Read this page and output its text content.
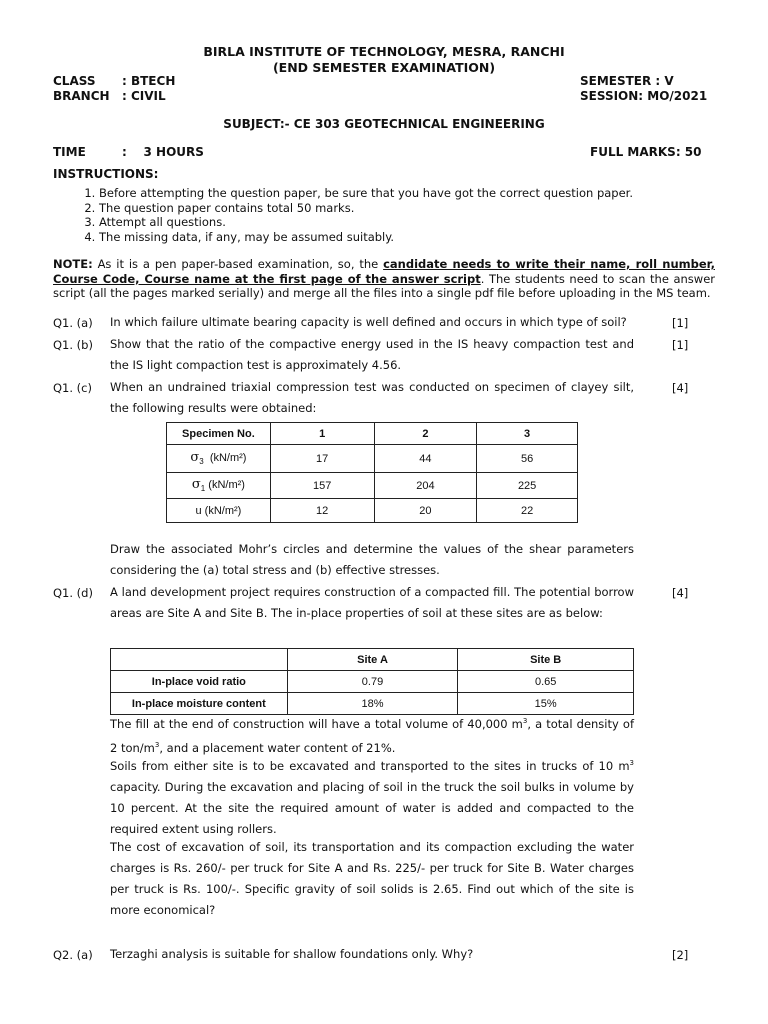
BIRLA INSTITUTE OF TECHNOLOGY, MESRA, RANCHI
(END SEMESTER EXAMINATION)
CLASS : BTECH
BRANCH : CIVIL
SEMESTER : V
SESSION: MO/2021
SUBJECT:- CE 303 GEOTECHNICAL ENGINEERING
TIME	:    3 HOURS	FULL MARKS: 50
INSTRUCTIONS:
1. Before attempting the question paper, be sure that you have got the correct question paper.
2. The question paper contains total 50 marks.
3. Attempt all questions.
4. The missing data, if any, may be assumed suitably.
NOTE: As it is a pen paper-based examination, so, the candidate needs to write their name, roll number, Course Code, Course name at the first page of the answer script. The students need to scan the answer script (all the pages marked serially) and merge all the files into a single pdf file before uploading in the MS team.
Q1. (a) In which failure ultimate bearing capacity is well defined and occurs in which type of soil?	[1]
Q1. (b) Show that the ratio of the compactive energy used in the IS heavy compaction test and the IS light compaction test is approximately 4.56.
[1]
Q1. (c) When an undrained triaxial compression test was conducted on specimen of clayey silt, the following results were obtained:
[4]
Specimen No.	1	2	3
$\sigma_3$ (kN/m²)	17	44	56
$\sigma_1$ (kN/m²)	157	204	225
u (kN/m²)	12	20	22
Draw the associated Mohr’s circles and determine the values of the shear parameters considering the (a) total stress and (b) effective stresses.
Q1. (d) A land development project requires construction of a compacted fill. The potential borrow areas are Site A and Site B. The in-place properties of soil at these sites are as below:
[4]
	Site A	Site B
In-place void ratio	0.79	0.65
In-place moisture content	18%	15%
The fill at the end of construction will have a total volume of 40,000 $m^3$, a total density of 2 ton/$m^3$, and a placement water content of 21%.
Soils from either site is to be excavated and transported to the sites in trucks of 10 $m^3$ capacity. During the excavation and placing of soil in the truck the soil bulks in volume by 10 percent. At the site the required amount of water is added and compacted to the required extent using rollers.
The cost of excavation of soil, its transportation and its compaction excluding the water charges is Rs. 260/- per truck for Site A and Rs. 225/- per truck for Site B. Water charges per truck is Rs. 100/-. Specific gravity of soil solids is 2.65. Find out which of the site is more economical?
Q2. (a) Terzaghi analysis is suitable for shallow foundations only. Why?	[2]
